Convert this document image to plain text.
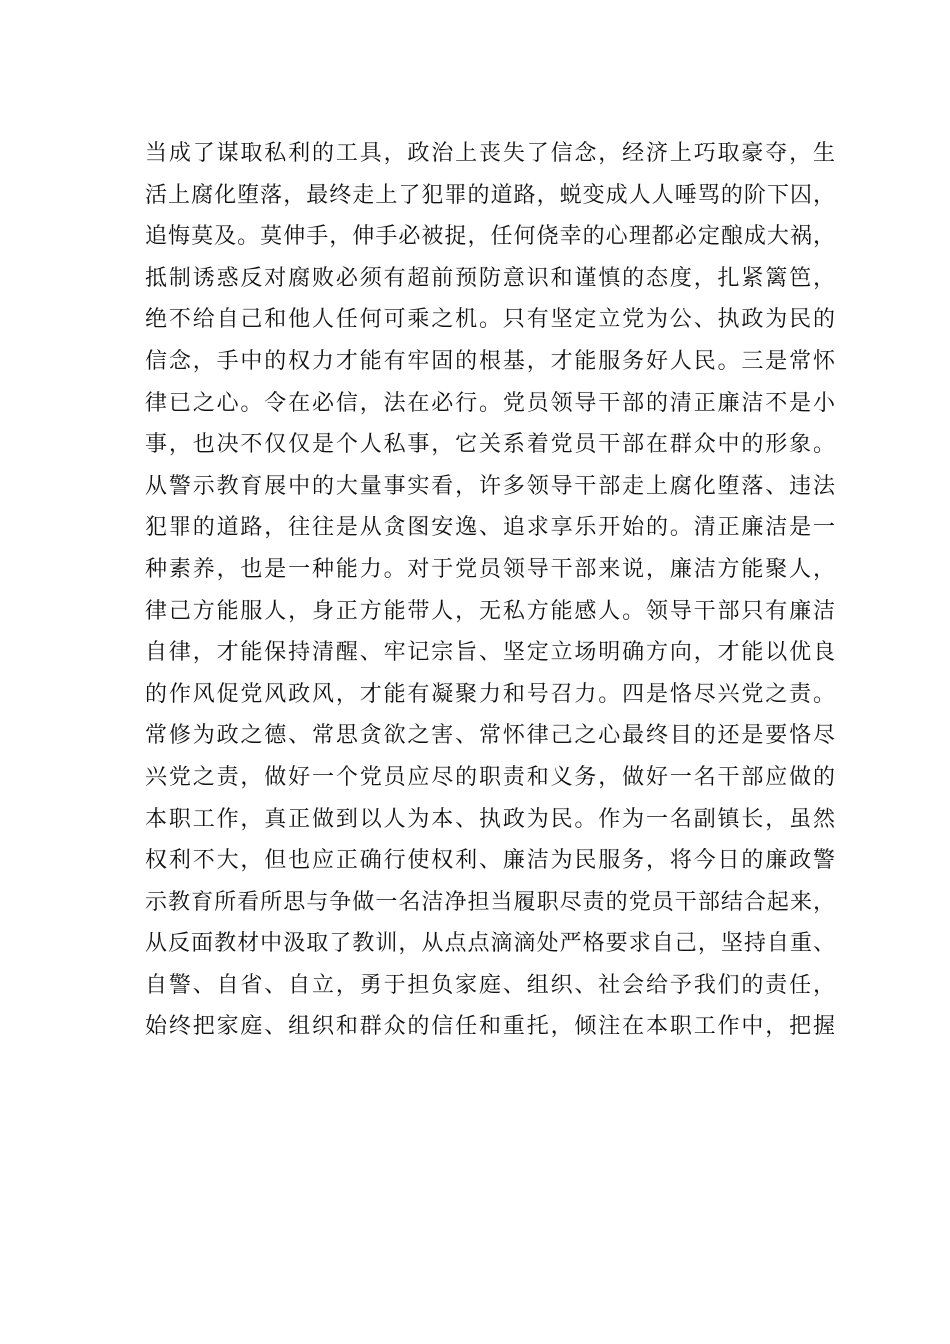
当成了谋取私利的工具，政治上丧失了信念，经济上巧取豪夺，生
活上腐化堕落，最终走上了犯罪的道路，蜕变成人人唾骂的阶下囚，
追悔莫及。莫伸手，伸手必被捉，任何侥幸的心理都必定酿成大祸，
抵制诱惑反对腐败必须有超前预防意识和谨慎的态度，扎紧篱笆，
绝不给自己和他人任何可乘之机。只有坚定立党为公、执政为民的
信念，手中的权力才能有牢固的根基，才能服务好人民。三是常怀
律已之心。令在必信，法在必行。党员领导干部的清正廉洁不是小
事，也决不仅仅是个人私事，它关系着党员干部在群众中的形象。
从警示教育展中的大量事实看，许多领导干部走上腐化堕落、违法
犯罪的道路，往往是从贪图安逸、追求享乐开始的。清正廉洁是一
种素养，也是一种能力。对于党员领导干部来说，廉洁方能聚人，
律己方能服人，身正方能带人，无私方能感人。领导干部只有廉洁
自律，才能保持清醒、牢记宗旨、坚定立场明确方向，才能以优良
的作风促党风政风，才能有凝聚力和号召力。四是恪尽兴党之责。
常修为政之德、常思贪欲之害、常怀律己之心最终目的还是要恪尽
兴党之责，做好一个党员应尽的职责和义务，做好一名干部应做的
本职工作，真正做到以人为本、执政为民。作为一名副镇长，虽然
权利不大，但也应正确行使权利、廉洁为民服务，将今日的廉政警
示教育所看所思与争做一名洁净担当履职尽责的党员干部结合起来，
从反面教材中汲取了教训，从点点滴滴处严格要求自己，坚持自重、
自警、自省、自立，勇于担负家庭、组织、社会给予我们的责任，
始终把家庭、组织和群众的信任和重托，倾注在本职工作中，把握
